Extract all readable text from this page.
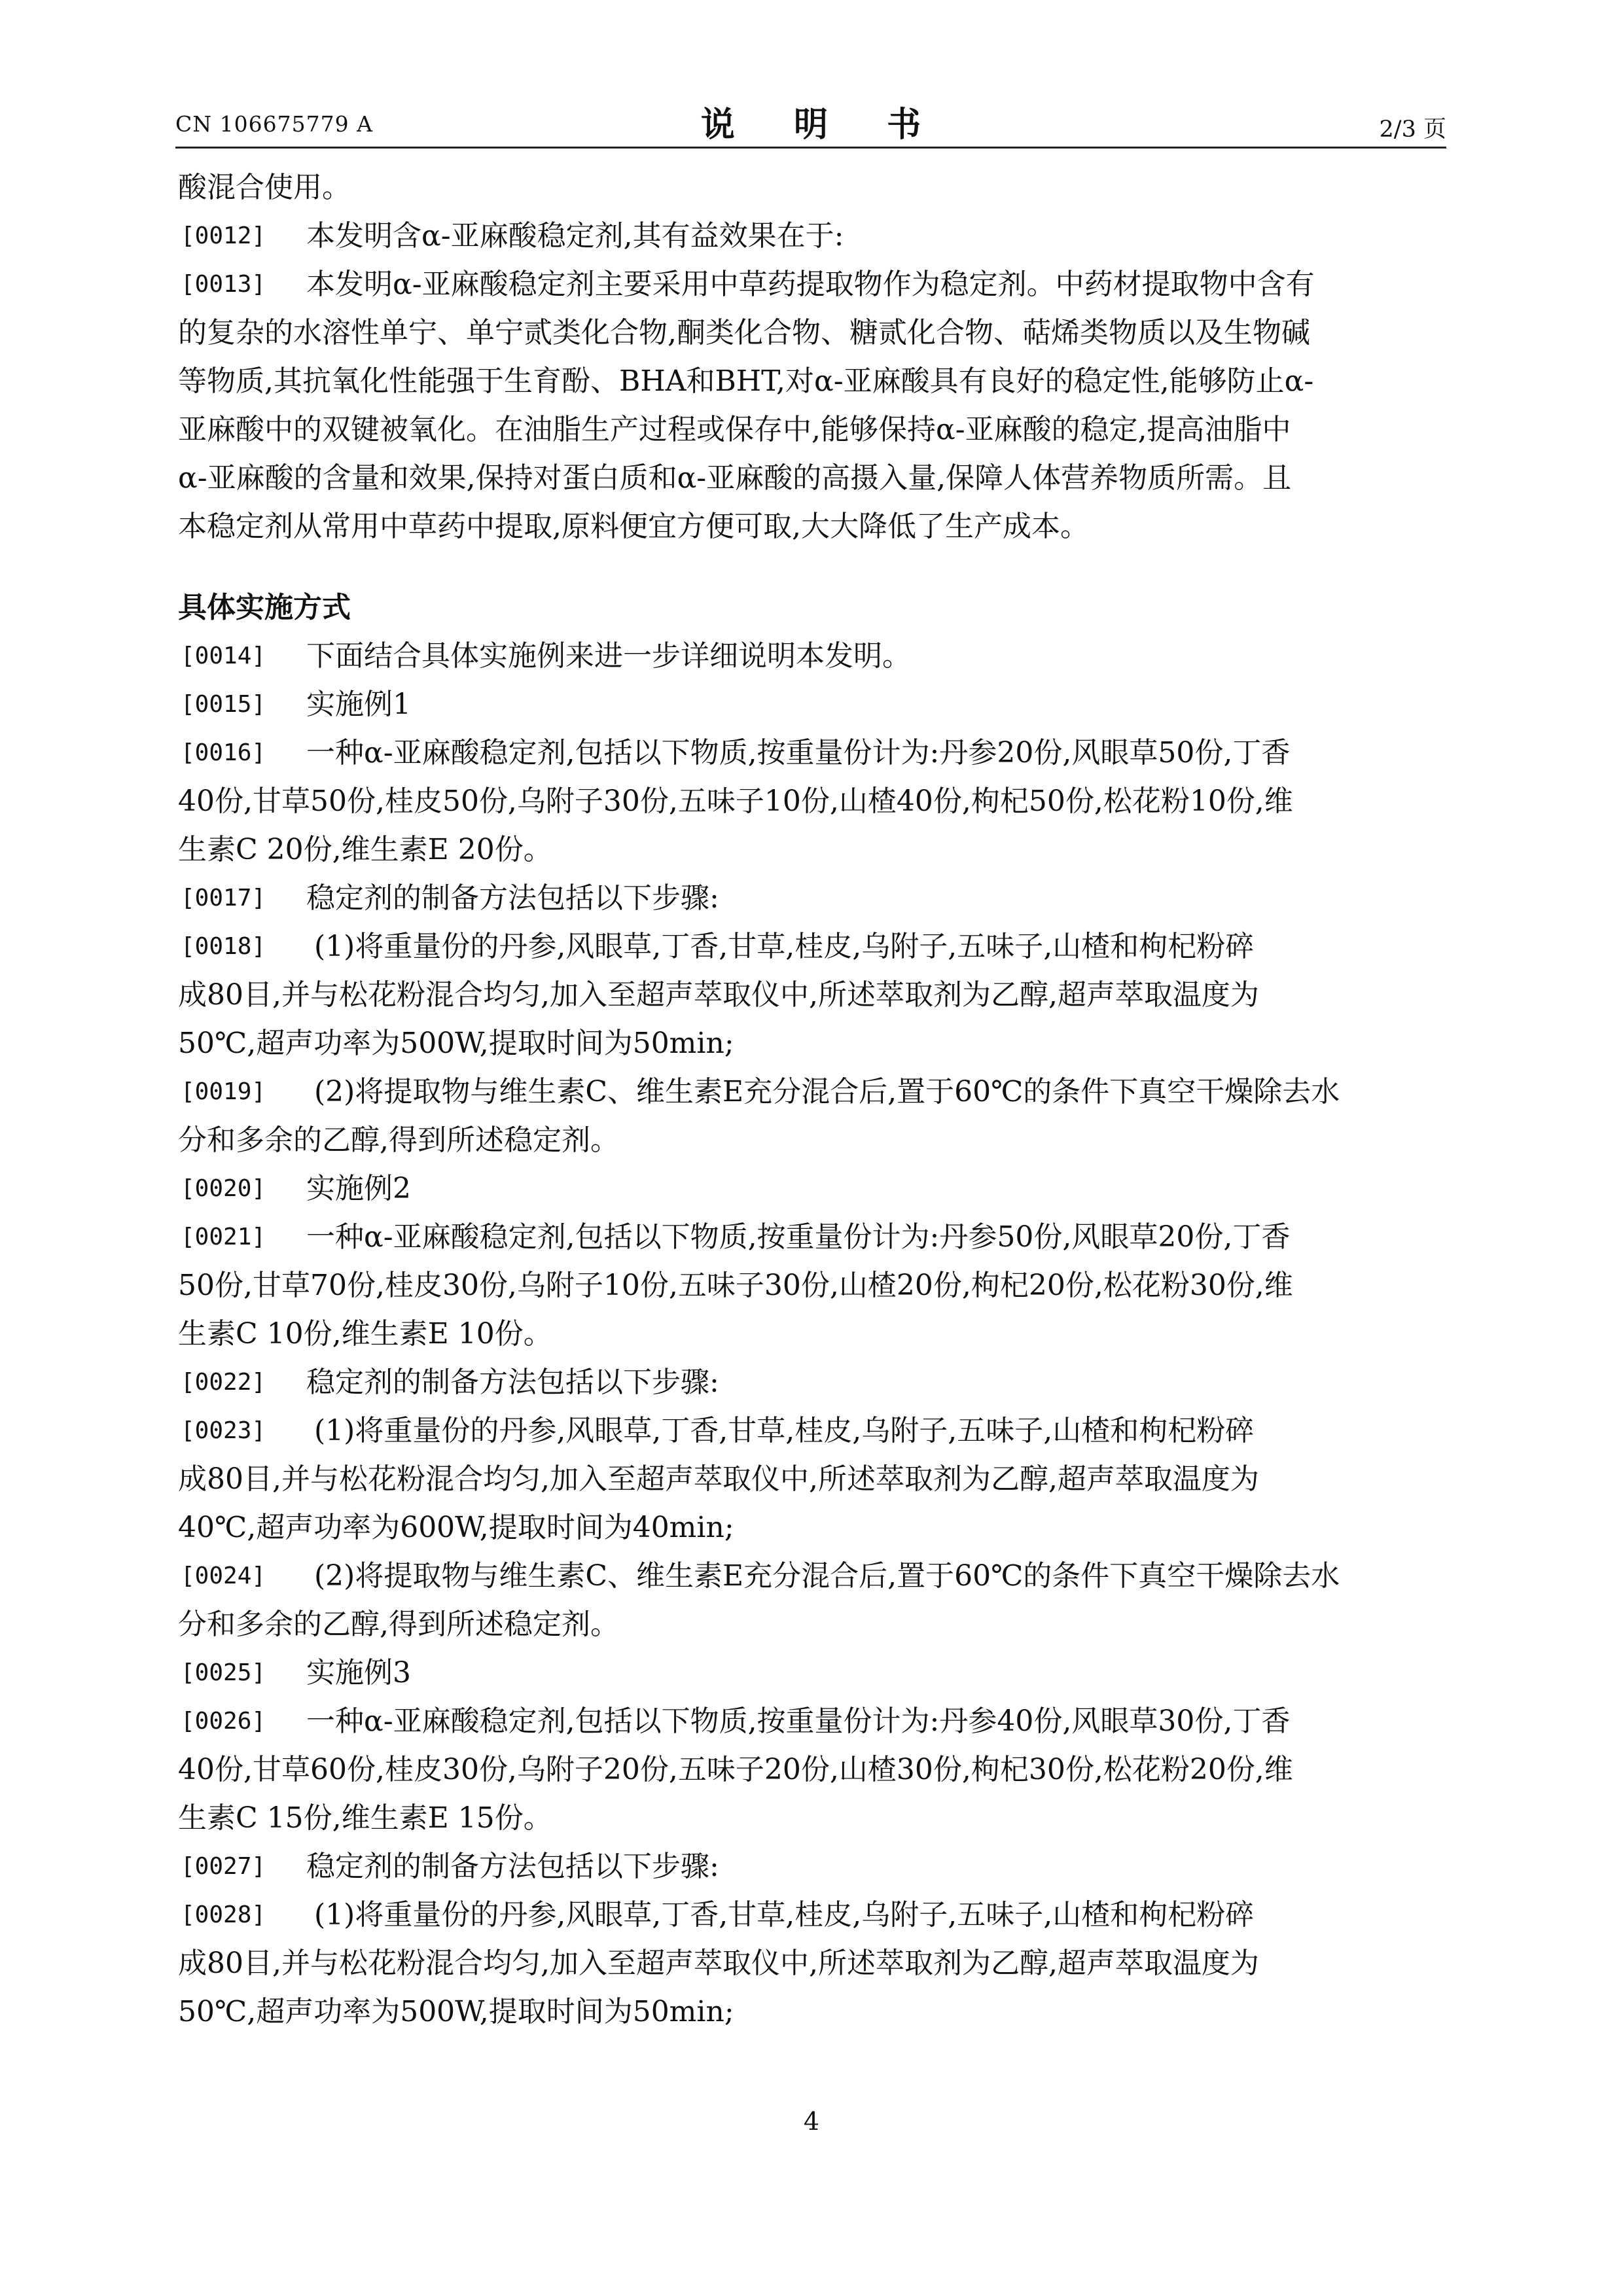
CN 106675779 A	说 明 书	2/3 页
酸混合使用。
[0012] 本发明含α-亚麻酸稳定剂,其有益效果在于:
[0013] 本发明α-亚麻酸稳定剂主要采用中草药提取物作为稳定剂。中药材提取物中含有
的复杂的水溶性单宁、单宁贰类化合物,酮类化合物、糖贰化合物、萜烯类物质以及生物碱
等物质,其抗氧化性能强于生育酚、BHA和BHT,对α-亚麻酸具有良好的稳定性,能够防止α-
亚麻酸中的双键被氧化。在油脂生产过程或保存中,能够保持α-亚麻酸的稳定,提高油脂中
α-亚麻酸的含量和效果,保持对蛋白质和α-亚麻酸的高摄入量,保障人体营养物质所需。且
本稳定剂从常用中草药中提取,原料便宜方便可取,大大降低了生产成本。
具体实施方式
[0014] 下面结合具体实施例来进一步详细说明本发明。
[0015] 实施例1
[0016] 一种α-亚麻酸稳定剂,包括以下物质,按重量份计为:丹参20份,风眼草50份,丁香
40份,甘草50份,桂皮50份,乌附子30份,五味子10份,山楂40份,枸杞50份,松花粉10份,维
生素C 20份,维生素E 20份。
[0017] 稳定剂的制备方法包括以下步骤:
[0018] (1)将重量份的丹参,风眼草,丁香,甘草,桂皮,乌附子,五味子,山楂和枸杞粉碎
成80目,并与松花粉混合均匀,加入至超声萃取仪中,所述萃取剂为乙醇,超声萃取温度为
50℃,超声功率为500W,提取时间为50min;
[0019] (2)将提取物与维生素C、维生素E充分混合后,置于60℃的条件下真空干燥除去水
分和多余的乙醇,得到所述稳定剂。
[0020] 实施例2
[0021] 一种α-亚麻酸稳定剂,包括以下物质,按重量份计为:丹参50份,风眼草20份,丁香
50份,甘草70份,桂皮30份,乌附子10份,五味子30份,山楂20份,枸杞20份,松花粉30份,维
生素C 10份,维生素E 10份。
[0022] 稳定剂的制备方法包括以下步骤:
[0023] (1)将重量份的丹参,风眼草,丁香,甘草,桂皮,乌附子,五味子,山楂和枸杞粉碎
成80目,并与松花粉混合均匀,加入至超声萃取仪中,所述萃取剂为乙醇,超声萃取温度为
40℃,超声功率为600W,提取时间为40min;
[0024] (2)将提取物与维生素C、维生素E充分混合后,置于60℃的条件下真空干燥除去水
分和多余的乙醇,得到所述稳定剂。
[0025] 实施例3
[0026] 一种α-亚麻酸稳定剂,包括以下物质,按重量份计为:丹参40份,风眼草30份,丁香
40份,甘草60份,桂皮30份,乌附子20份,五味子20份,山楂30份,枸杞30份,松花粉20份,维
生素C 15份,维生素E 15份。
[0027] 稳定剂的制备方法包括以下步骤:
[0028] (1)将重量份的丹参,风眼草,丁香,甘草,桂皮,乌附子,五味子,山楂和枸杞粉碎
成80目,并与松花粉混合均匀,加入至超声萃取仪中,所述萃取剂为乙醇,超声萃取温度为
50℃,超声功率为500W,提取时间为50min;
4
